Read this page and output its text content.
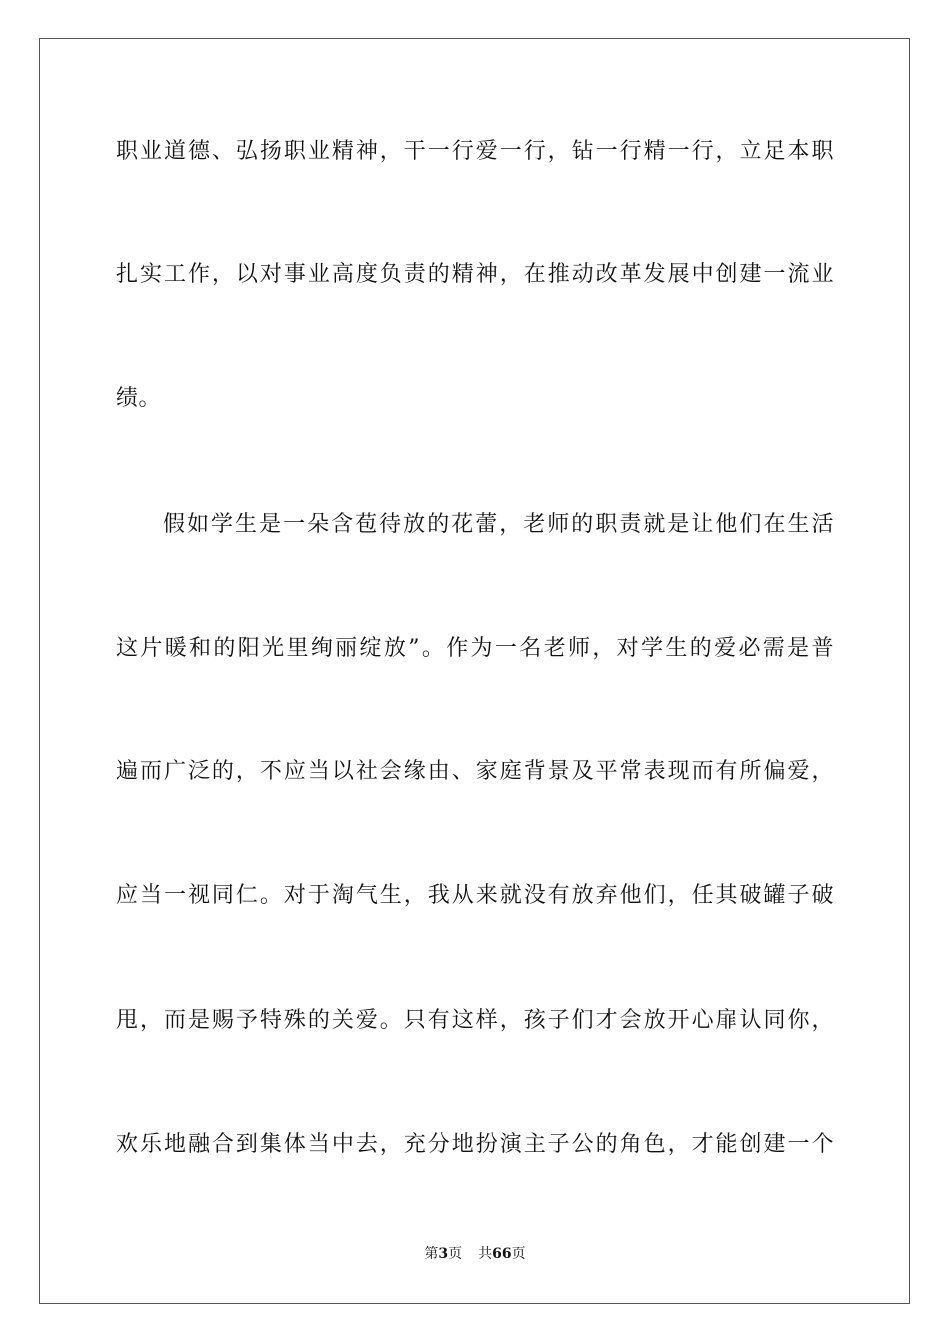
职业道德、弘扬职业精神，干一行爱一行，钻一行精一行，立足本职
扎实工作，以对事业高度负责的精神，在推动改革发展中创建一流业
绩。
假如学生是一朵含苞待放的花蕾，老师的职责就是让他们在生活
这片暖和的阳光里绚丽绽放”。作为一名老师，对学生的爱必需是普
遍而广泛的，不应当以社会缘由、家庭背景及平常表现而有所偏爱，
应当一视同仁。对于淘气生，我从来就没有放弃他们，任其破罐子破
甩，而是赐予特殊的关爱。只有这样，孩子们才会放开心扉认同你，
欢乐地融合到集体当中去，充分地扮演主子公的角色，才能创建一个
第3页 共66页
